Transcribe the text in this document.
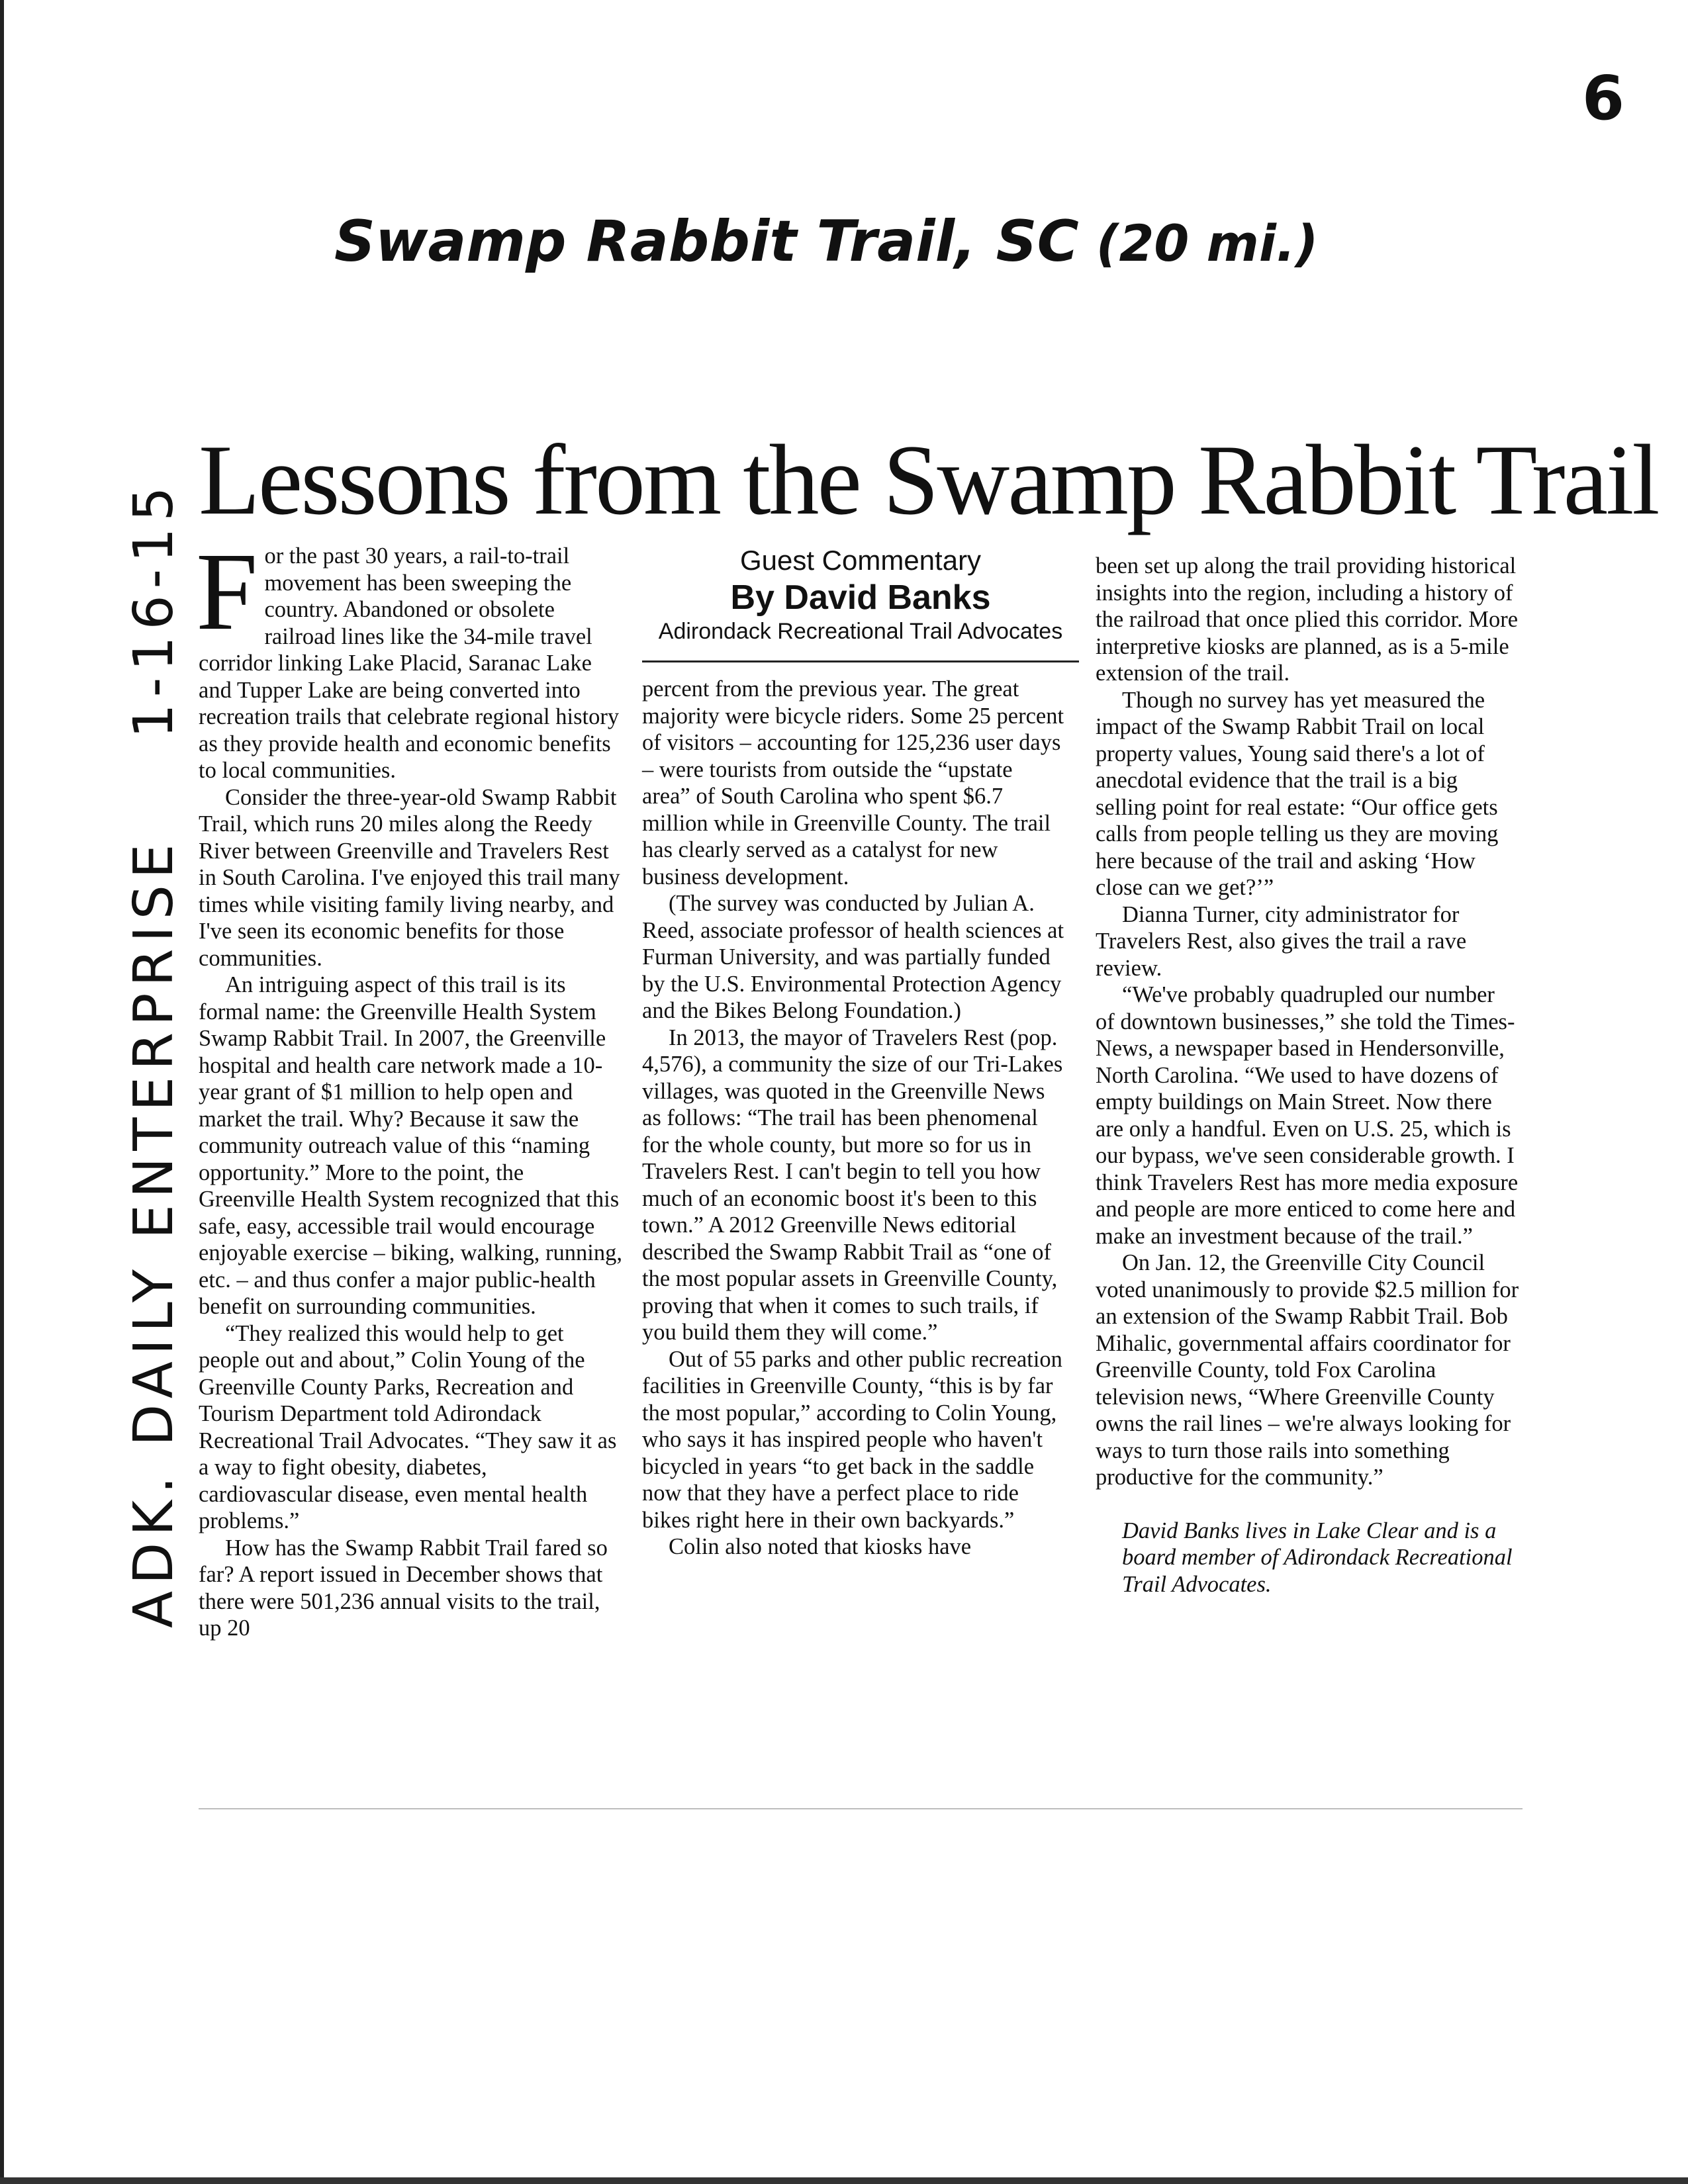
6
Swamp Rabbit Trail, SC (20 mi.)
ADK. DAILY ENTERPRISE1-16-15
Lessons from the Swamp Rabbit Trail

For the past 30 years, a rail-to-trail movement has been sweeping the country. Abandoned or obsolete railroad lines like the 34-mile travel corridor linking Lake Placid, Saranac Lake and Tupper Lake are being converted into recreation trails that celebrate regional history as they provide health and economic benefits to local communities.

Consider the three-year-old Swamp Rabbit Trail, which runs 20 miles along the Reedy River between Greenville and Travelers Rest in South Carolina. I've enjoyed this trail many times while visiting family living nearby, and I've seen its economic benefits for those communities.

An intriguing aspect of this trail is its formal name: the Greenville Health System Swamp Rabbit Trail. In 2007, the Greenville hospital and health care network made a 10-year grant of $1 million to help open and market the trail. Why? Because it saw the community outreach value of this “naming opportunity.” More to the point, the Greenville Health System recognized that this safe, easy, accessible trail would encourage enjoyable exercise – biking, walking, running, etc. – and thus confer a major public-health benefit on surrounding communities.

“They realized this would help to get people out and about,” Colin Young of the Greenville County Parks, Recreation and Tourism Department told Adirondack Recreational Trail Advocates. “They saw it as a way to fight obesity, diabetes, cardiovascular disease, even mental health problems.”

How has the Swamp Rabbit Trail fared so far? A report issued in December shows that there were 501,236 annual visits to the trail, up 20

Guest Commentary
By David Banks
Adirondack Recreational Trail Advocates

percent from the previous year. The great majority were bicycle riders. Some 25 percent of visitors – accounting for 125,236 user days – were tourists from outside the “upstate area” of South Carolina who spent $6.7 million while in Greenville County. The trail has clearly served as a catalyst for new business development.

(The survey was conducted by Julian A. Reed, associate professor of health sciences at Furman University, and was partially funded by the U.S. Environmental Protection Agency and the Bikes Belong Foundation.)

In 2013, the mayor of Travelers Rest (pop. 4,576), a community the size of our Tri-Lakes villages, was quoted in the Greenville News as follows: “The trail has been phenomenal for the whole county, but more so for us in Travelers Rest. I can't begin to tell you how much of an economic boost it's been to this town.” A 2012 Greenville News editorial described the Swamp Rabbit Trail as “one of the most popular assets in Greenville County, proving that when it comes to such trails, if you build them they will come.”

Out of 55 parks and other public recreation facilities in Greenville County, “this is by far the most popular,” according to Colin Young, who says it has inspired people who haven't bicycled in years “to get back in the saddle now that they have a perfect place to ride bikes right here in their own backyards.”

Colin also noted that kiosks have

been set up along the trail providing historical insights into the region, including a history of the railroad that once plied this corridor. More interpretive kiosks are planned, as is a 5-mile extension of the trail.

Though no survey has yet measured the impact of the Swamp Rabbit Trail on local property values, Young said there's a lot of anecdotal evidence that the trail is a big selling point for real estate: “Our office gets calls from people telling us they are moving here because of the trail and asking ‘How close can we get?’”

Dianna Turner, city administrator for Travelers Rest, also gives the trail a rave review.

“We've probably quadrupled our number of downtown businesses,” she told the Times-News, a newspaper based in Hendersonville, North Carolina. “We used to have dozens of empty buildings on Main Street. Now there are only a handful. Even on U.S. 25, which is our bypass, we've seen considerable growth. I think Travelers Rest has more media exposure and people are more enticed to come here and make an investment because of the trail.”

On Jan. 12, the Greenville City Council voted unanimously to provide $2.5 million for an extension of the Swamp Rabbit Trail. Bob Mihalic, governmental affairs coordinator for Greenville County, told Fox Carolina television news, “Where Greenville County owns the rail lines – we're always looking for ways to turn those rails into something productive for the community.”

David Banks lives in Lake Clear and is a board member of Adirondack Recreational Trail Advocates.
